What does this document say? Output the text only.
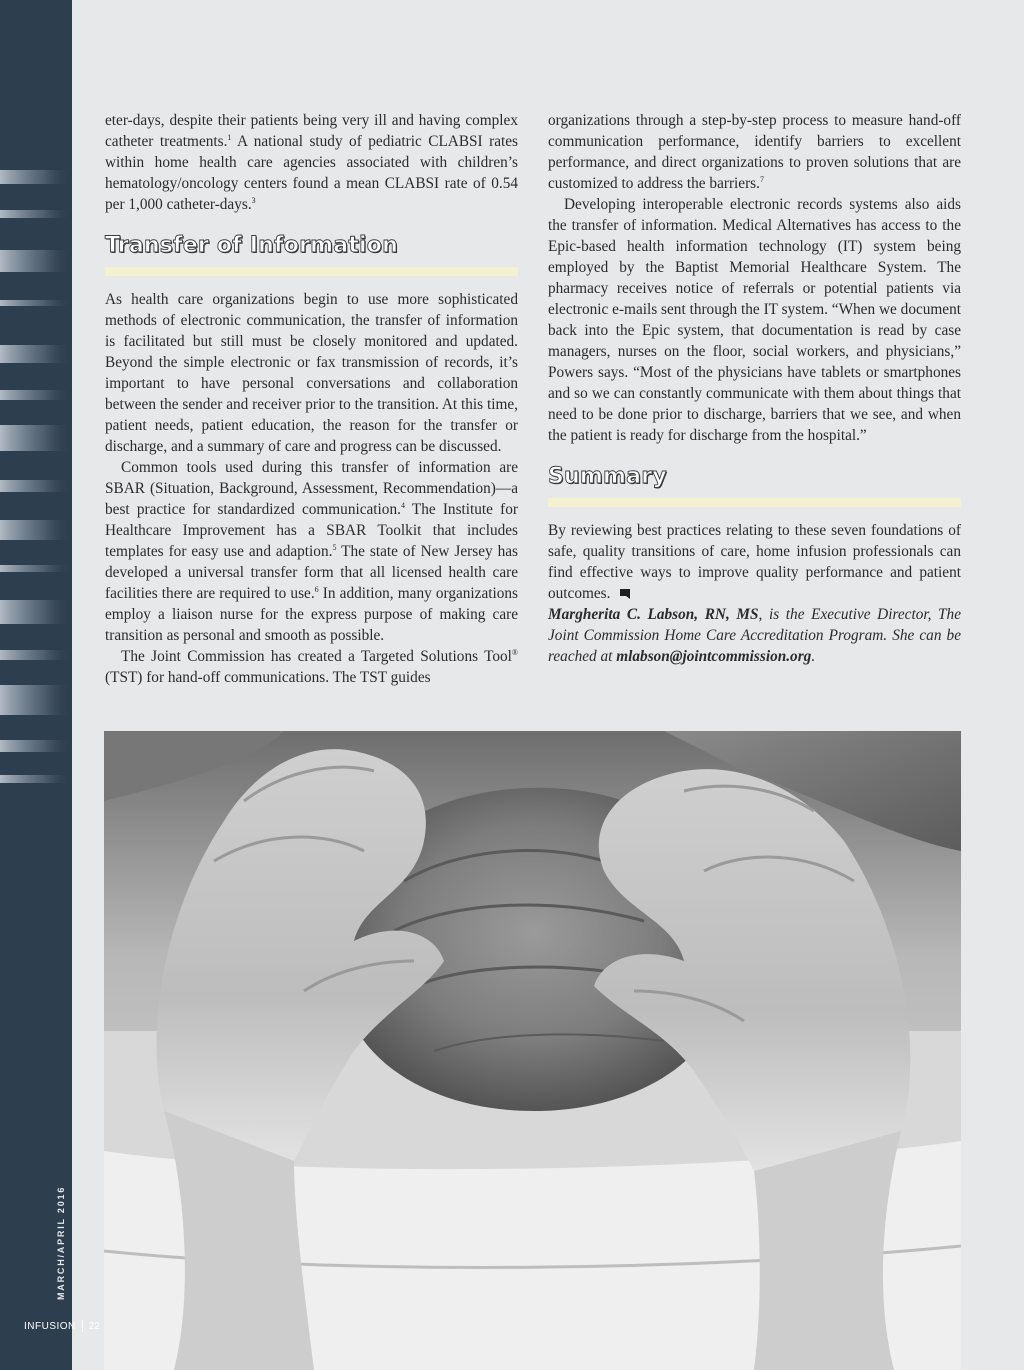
MARCH/APRIL 2016
INFUSION 22

eter-days, despite their patients being very ill and having complex catheter treatments.$^1$ A national study of pediatric CLABSI rates within home health care agencies associated with children’s hematology/oncology centers found a mean CLABSI rate of 0.54 per 1,000 catheter-days.$^3$

Transfer of Information

As health care organizations begin to use more sophisticated methods of electronic communication, the transfer of information is facilitated but still must be closely monitored and updated. Beyond the simple electronic or fax transmission of records, it’s important to have personal conversations and collaboration between the sender and receiver prior to the transition. At this time, patient needs, patient education, the reason for the transfer or discharge, and a summary of care and progress can be discussed.

Common tools used during this transfer of information are SBAR (Situation, Background, Assessment, Recommendation)—a best practice for standardized communication.$^4$ The Institute for Healthcare Improvement has a SBAR Toolkit that includes templates for easy use and adaption.$^5$ The state of New Jersey has developed a universal transfer form that all licensed health care facilities there are required to use.$^6$ In addition, many organizations employ a liaison nurse for the express purpose of making care transition as personal and smooth as possible.

The Joint Commission has created a Targeted Solutions Tool® (TST) for hand-off communications. The TST guides

organizations through a step-by-step process to measure hand-off communication performance, identify barriers to excellent performance, and direct organizations to proven solutions that are customized to address the barriers.$^7$

Developing interoperable electronic records systems also aids the transfer of information. Medical Alternatives has access to the Epic-based health information technology (IT) system being employed by the Baptist Memorial Healthcare System. The pharmacy receives notice of referrals or potential patients via electronic e-mails sent through the IT system. “When we document back into the Epic system, that documentation is read by case managers, nurses on the floor, social workers, and physicians,” Powers says. “Most of the physicians have tablets or smartphones and so we can constantly communicate with them about things that need to be done prior to discharge, barriers that we see, and when the patient is ready for discharge from the hospital.”

Summary

By reviewing best practices relating to these seven foundations of safe, quality transitions of care, home infusion professionals can find effective ways to improve quality performance and patient outcomes.

Margherita C. Labson, RN, MS, is the Executive Director, The Joint Commission Home Care Accreditation Program. She can be reached at mlabson@jointcommission.org.
